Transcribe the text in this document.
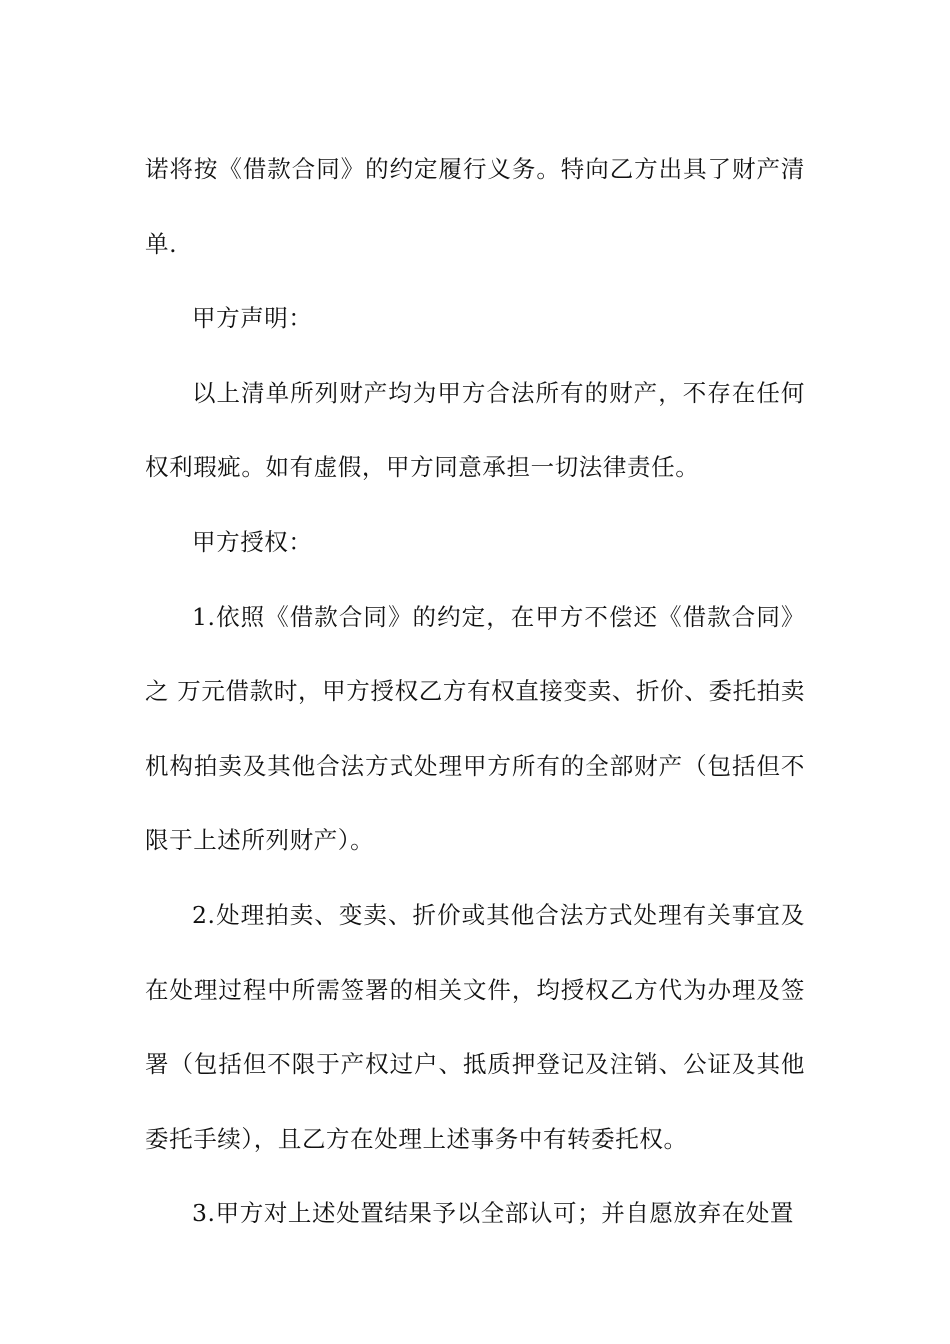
诺将按《借款合同》的约定履行义务。特向乙方出具了财产清单.

甲方声明：

以上清单所列财产均为甲方合法所有的财产，不存在任何权利瑕疵。如有虚假，甲方同意承担一切法律责任。

甲方授权：

1.依照《借款合同》的约定，在甲方不偿还《借款合同》之 万元借款时，甲方授权乙方有权直接变卖、折价、委托拍卖机构拍卖及其他合法方式处理甲方所有的全部财产（包括但不限于上述所列财产）。

2.处理拍卖、变卖、折价或其他合法方式处理有关事宜及在处理过程中所需签署的相关文件，均授权乙方代为办理及签署（包括但不限于产权过户、抵质押登记及注销、公证及其他委托手续），且乙方在处理上述事务中有转委托权。

3.甲方对上述处置结果予以全部认可；并自愿放弃在处置
